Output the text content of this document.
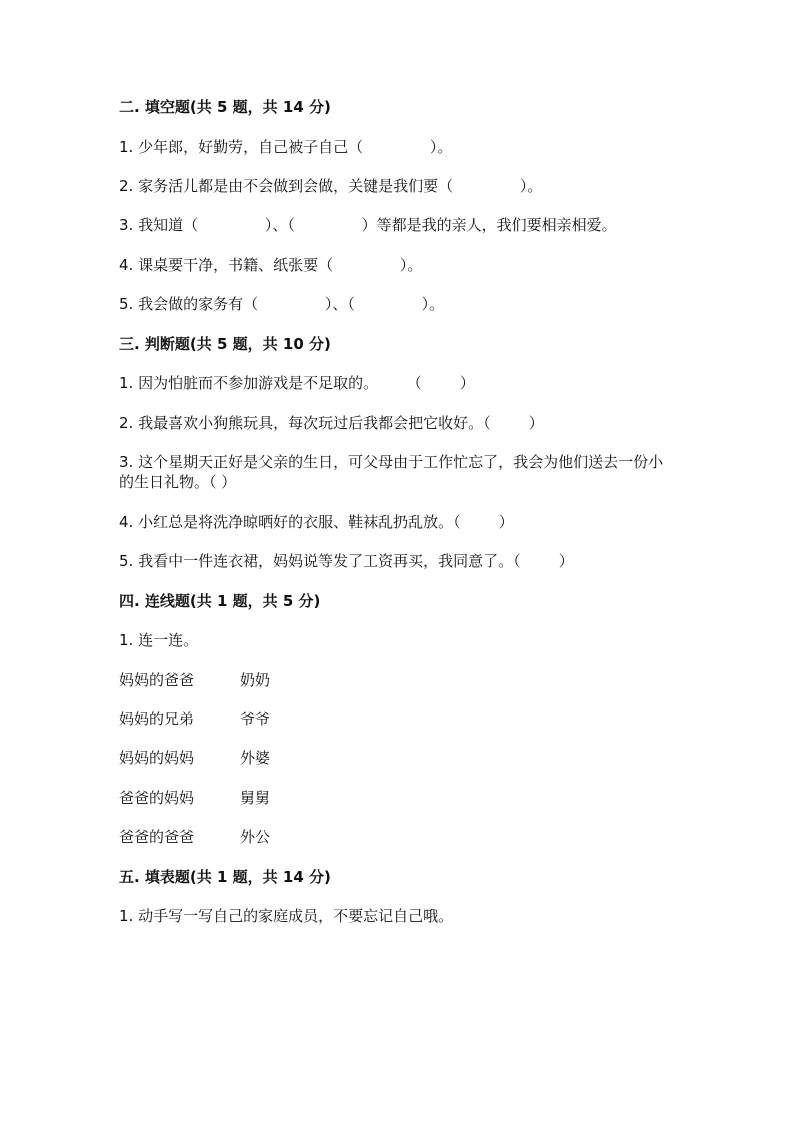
二. 填空题(共 5 题，共 14 分)
1. 少年郎，好勤劳，自己被子自己（              ）。
2. 家务活儿都是由不会做到会做，关键是我们要（              ）。
3. 我知道（              ）、（              ）等都是我的亲人，我们要相亲相爱。
4. 课桌要干净，书籍、纸张要（              ）。
5. 我会做的家务有（              ）、（              ）。
三. 判断题(共 5 题，共 10 分)
1. 因为怕脏而不参加游戏是不足取的。      （        ）
2. 我最喜欢小狗熊玩具，每次玩过后我都会把它收好。（        ）
3. 这个星期天正好是父亲的生日，可父母由于工作忙忘了，我会为他们送去一份小的生日礼物。（ ）
4. 小红总是将洗净晾晒好的衣服、鞋袜乱扔乱放。（        ）
5. 我看中一件连衣裙，妈妈说等发了工资再买，我同意了。（        ）
四. 连线题(共 1 题，共 5 分)
1. 连一连。
妈妈的爸爸	奶奶
妈妈的兄弟	爷爷
妈妈的妈妈	外婆
爸爸的妈妈	舅舅
爸爸的爸爸	外公
五. 填表题(共 1 题，共 14 分)
1. 动手写一写自己的家庭成员，不要忘记自己哦。
